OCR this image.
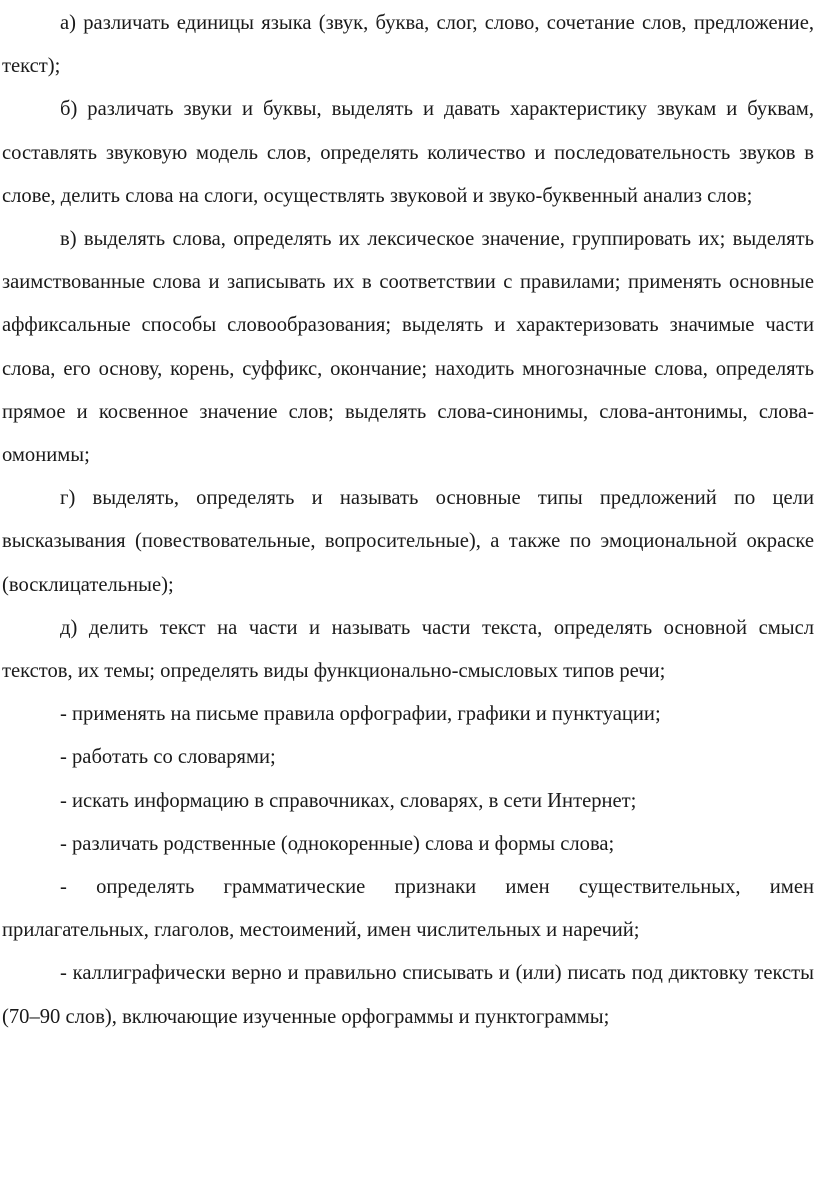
а) различать единицы языка (звук, буква, слог, слово, сочетание слов, предложение, текст);

б) различать звуки и буквы, выделять и давать характеристику звукам и буквам, составлять звуковую модель слов, определять количество и последовательность звуков в слове, делить слова на слоги, осуществлять звуковой и звуко-буквенный анализ слов;

в) выделять слова, определять их лексическое значение, группировать их; выделять заимствованные слова и записывать их в соответствии с правилами; применять основные аффиксальные способы словообразования; выделять и характеризовать значимые части слова, его основу, корень, суффикс, окончание; находить многозначные слова, определять прямое и косвенное значение слов; выделять слова-синонимы, слова-антонимы, слова-омонимы;

г) выделять, определять и называть основные типы предложений по цели высказывания (повествовательные, вопросительные), а также по эмоциональной окраске (восклицательные);

д) делить текст на части и называть части текста, определять основной смысл текстов, их темы; определять виды функционально-смысловых типов речи;

- применять на письме правила орфографии, графики и пунктуации;

- работать со словарями;

- искать информацию в справочниках, словарях, в сети Интернет;

- различать родственные (однокоренные) слова и формы слова;

- определять грамматические признаки имен существительных, имен прилагательных, глаголов, местоимений, имен числительных и наречий;

- каллиграфически верно и правильно списывать и (или) писать под диктовку тексты (70–90 слов), включающие изученные орфограммы и пунктограммы;
